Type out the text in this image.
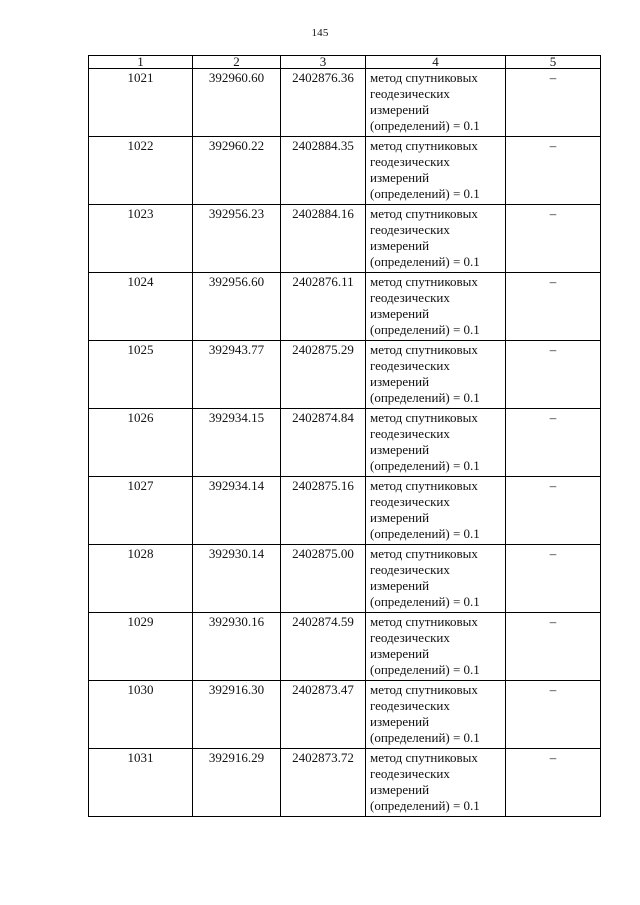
145
1	2	3	4	5
1021	392960.60	2402876.36	метод спутниковых
геодезических
измерений
(определений) = 0.1	–
1022	392960.22	2402884.35	метод спутниковых
геодезических
измерений
(определений) = 0.1	–
1023	392956.23	2402884.16	метод спутниковых
геодезических
измерений
(определений) = 0.1	–
1024	392956.60	2402876.11	метод спутниковых
геодезических
измерений
(определений) = 0.1	–
1025	392943.77	2402875.29	метод спутниковых
геодезических
измерений
(определений) = 0.1	–
1026	392934.15	2402874.84	метод спутниковых
геодезических
измерений
(определений) = 0.1	–
1027	392934.14	2402875.16	метод спутниковых
геодезических
измерений
(определений) = 0.1	–
1028	392930.14	2402875.00	метод спутниковых
геодезических
измерений
(определений) = 0.1	–
1029	392930.16	2402874.59	метод спутниковых
геодезических
измерений
(определений) = 0.1	–
1030	392916.30	2402873.47	метод спутниковых
геодезических
измерений
(определений) = 0.1	–
1031	392916.29	2402873.72	метод спутниковых
геодезических
измерений
(определений) = 0.1	–
